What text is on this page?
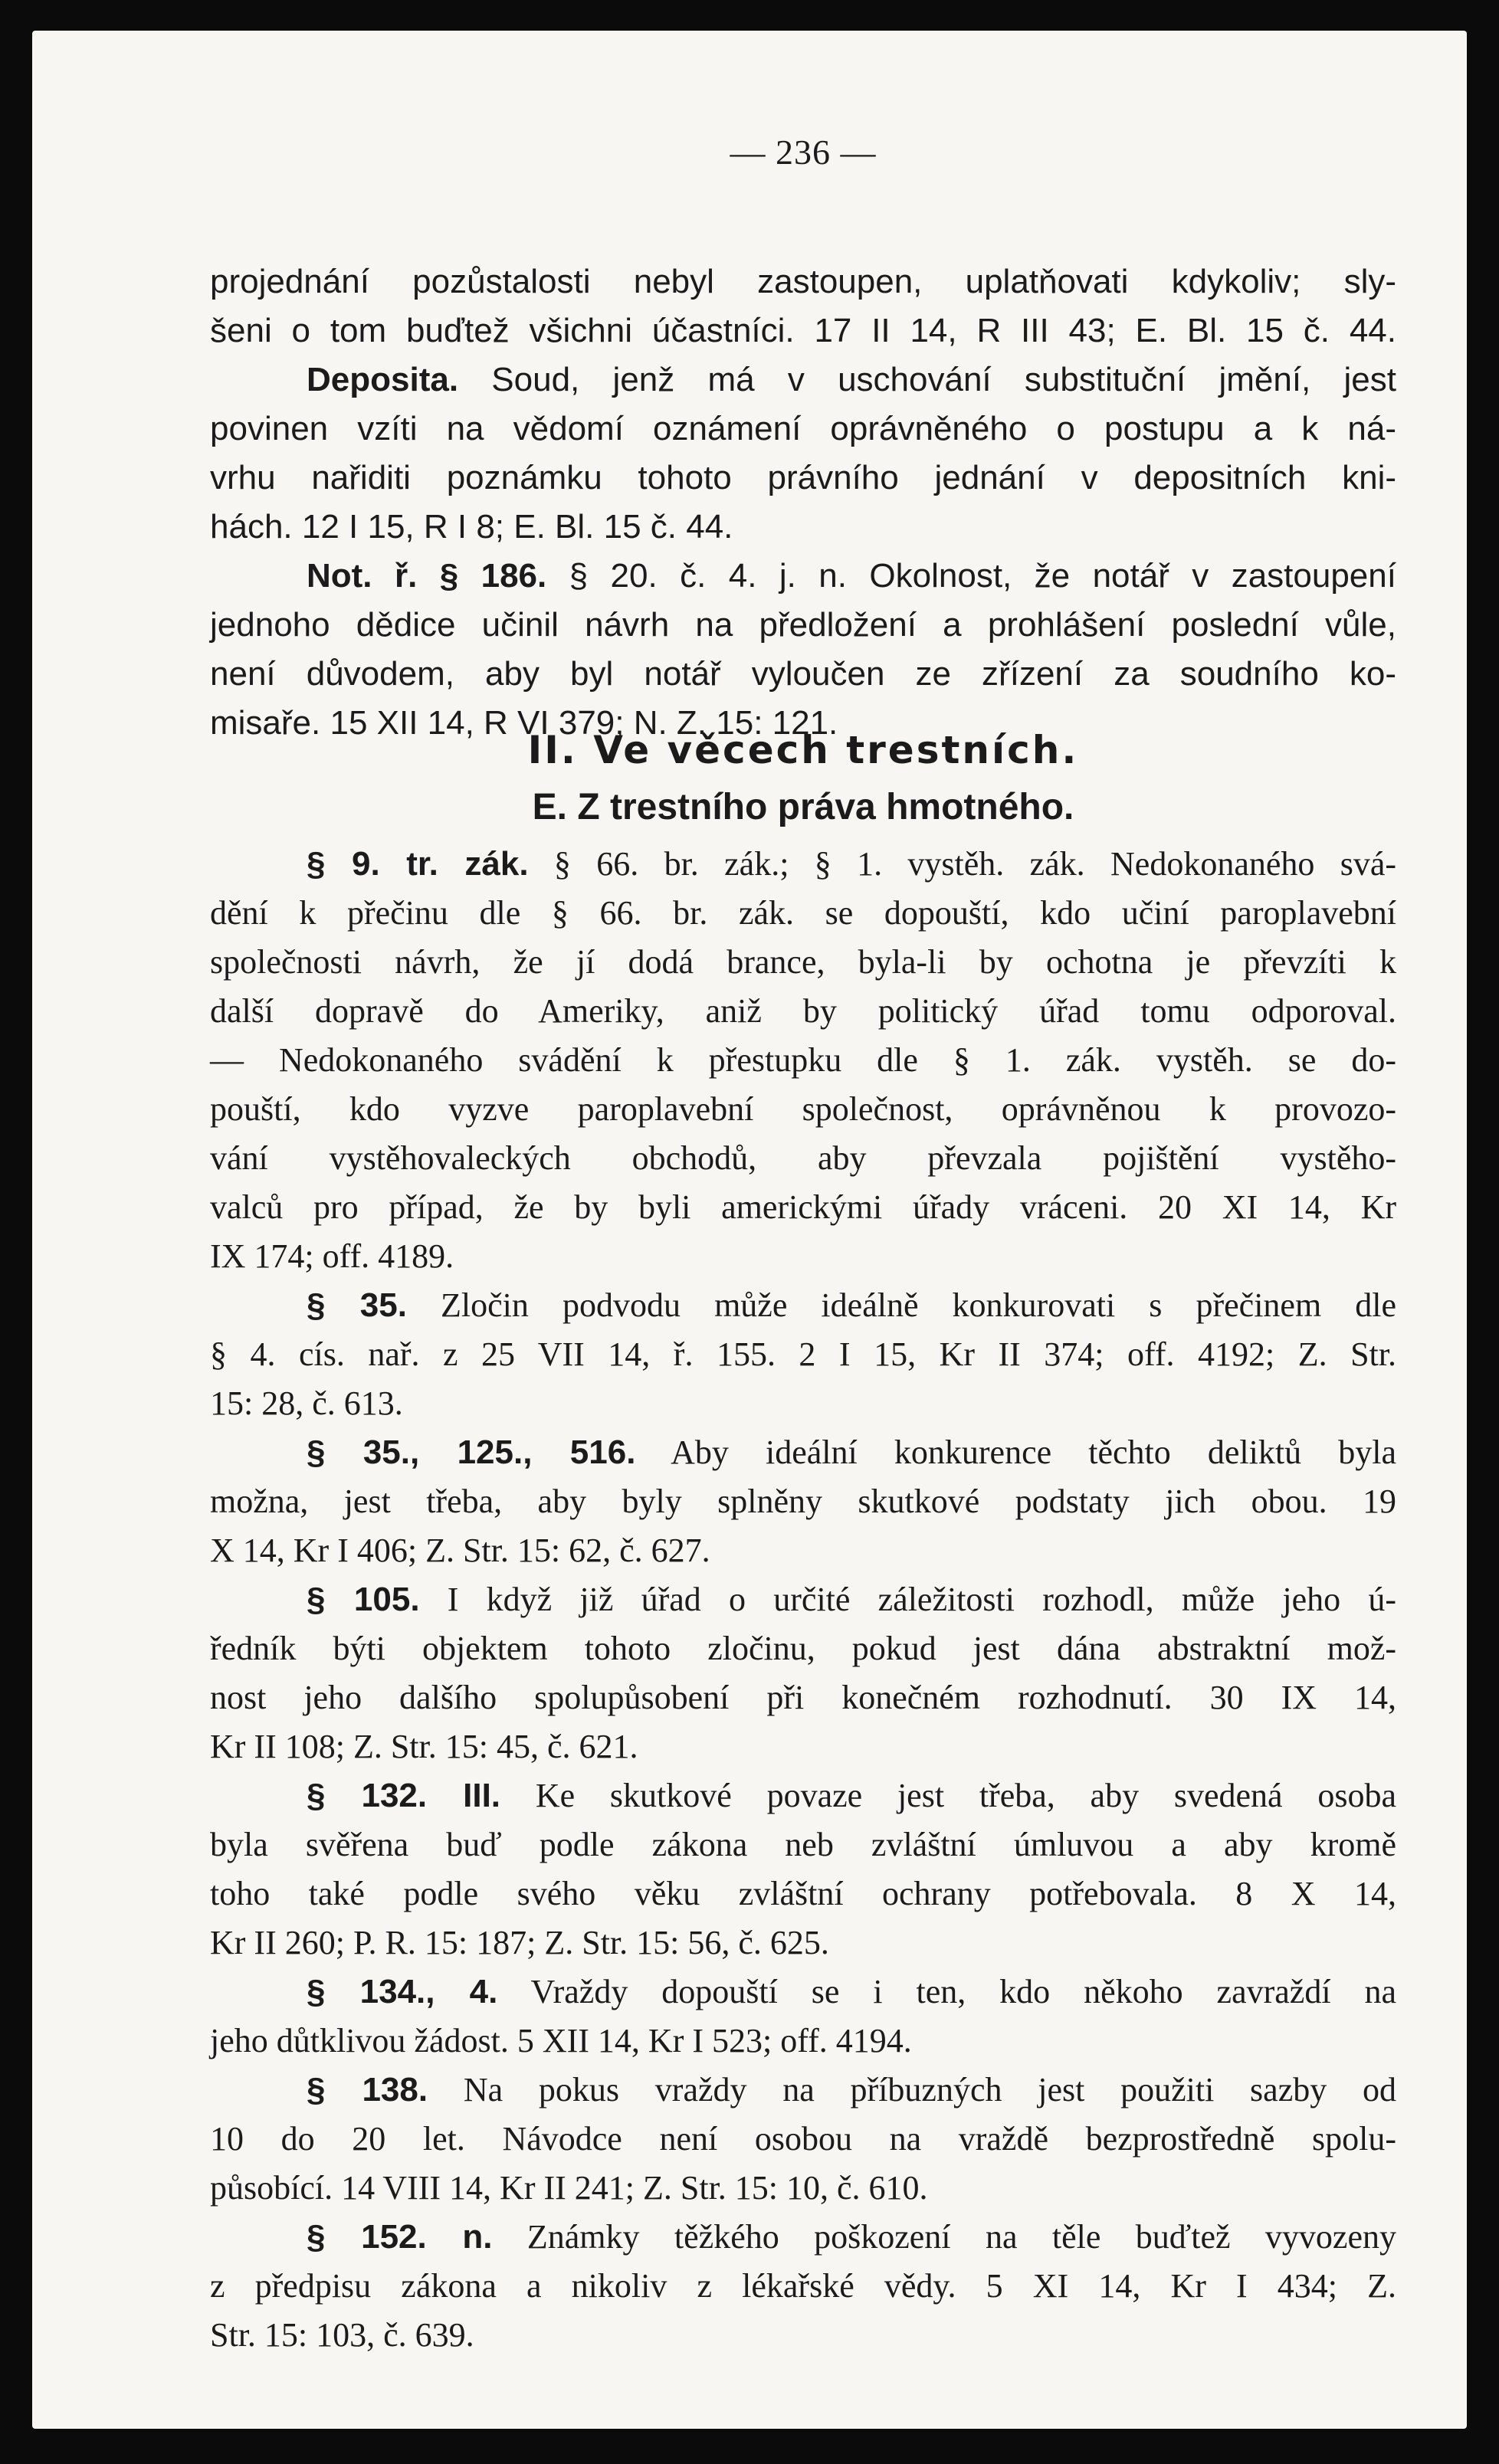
— 236 —
projednání pozůstalosti nebyl zastoupen, uplatňovati kdykoliv; sly-
šeni o tom buďtež všichni účastníci. 17 II 14, R III 43; E. Bl. 15 č. 44.
Deposita. Soud, jenž má v uschování substituční jmění, jest
povinen vzíti na vědomí oznámení oprávněného o postupu a k ná-
vrhu nařiditi poznámku tohoto právního jednání v depositních kni-
hách. 12 I 15, R I 8; E. Bl. 15 č. 44.
Not. ř. § 186. § 20. č. 4. j. n. Okolnost, že notář v zastoupení
jednoho dědice učinil návrh na předložení a prohlášení poslední vůle,
není důvodem, aby byl notář vyloučen ze zřízení za soudního ko-
misaře. 15 XII 14, R VI 379; N. Z. 15: 121.
II. Ve věcech trestních.
E. Z trestního práva hmotného.
§ 9. tr. zák. § 66. br. zák.; § 1. vystěh. zák. Nedokonaného svá-
dění k přečinu dle § 66. br. zák. se dopouští, kdo učiní paroplavební
společnosti návrh, že jí dodá brance, byla-li by ochotna je převzíti k
další dopravě do Ameriky, aniž by politický úřad tomu odporoval.
— Nedokonaného svádění k přestupku dle § 1. zák. vystěh. se do-
pouští, kdo vyzve paroplavební společnost, oprávněnou k provozo-
vání vystěhovaleckých obchodů, aby převzala pojištění vystěho-
valců pro případ, že by byli americkými úřady vráceni. 20 XI 14, Kr
IX 174; off. 4189.
§ 35. Zločin podvodu může ideálně konkurovati s přečinem dle
§ 4. cís. nař. z 25 VII 14, ř. 155. 2 I 15, Kr II 374; off. 4192; Z. Str.
15: 28, č. 613.
§ 35., 125., 516. Aby ideální konkurence těchto deliktů byla
možna, jest třeba, aby byly splněny skutkové podstaty jich obou. 19
X 14, Kr I 406; Z. Str. 15: 62, č. 627.
§ 105. I když již úřad o určité záležitosti rozhodl, může jeho ú-
ředník býti objektem tohoto zločinu, pokud jest dána abstraktní mož-
nost jeho dalšího spolupůsobení při konečném rozhodnutí. 30 IX 14,
Kr II 108; Z. Str. 15: 45, č. 621.
§ 132. III. Ke skutkové povaze jest třeba, aby svedená osoba
byla svěřena buď podle zákona neb zvláštní úmluvou a aby kromě
toho také podle svého věku zvláštní ochrany potřebovala. 8 X 14,
Kr II 260; P. R. 15: 187; Z. Str. 15: 56, č. 625.
§ 134., 4. Vraždy dopouští se i ten, kdo někoho zavraždí na
jeho důtklivou žádost. 5 XII 14, Kr I 523; off. 4194.
§ 138. Na pokus vraždy na příbuzných jest použiti sazby od
10 do 20 let. Návodce není osobou na vraždě bezprostředně spolu-
působící. 14 VIII 14, Kr II 241; Z. Str. 15: 10, č. 610.
§ 152. n. Známky těžkého poškození na těle buďtež vyvozeny
z předpisu zákona a nikoliv z lékařské vědy. 5 XI 14, Kr I 434; Z.
Str. 15: 103, č. 639.
